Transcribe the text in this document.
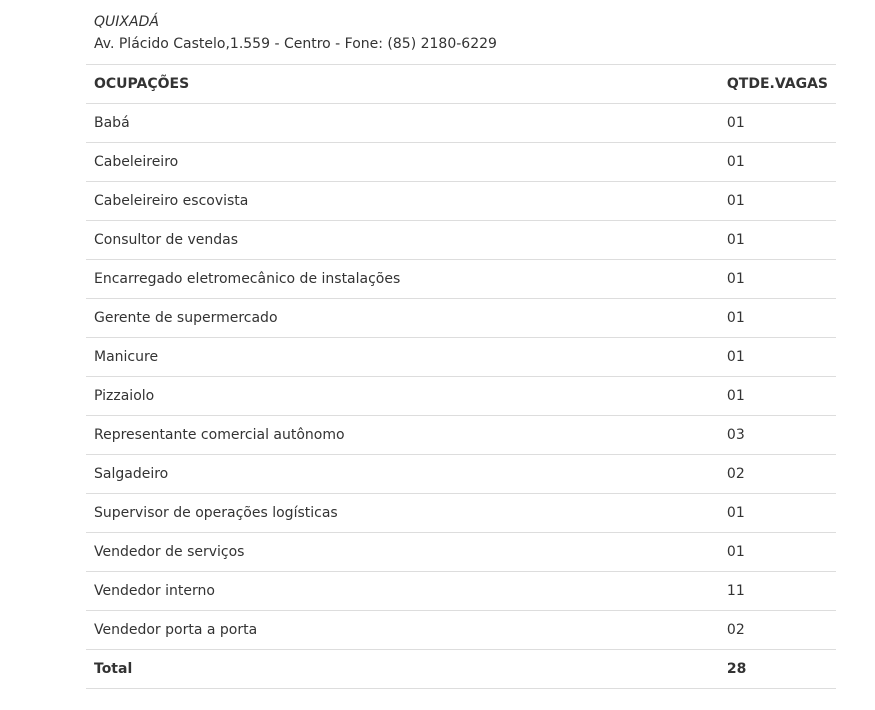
QUIXADÁ
Av. Plácido Castelo,1.559 - Centro - Fone: (85) 2180-6229
OCUPAÇÕES	QTDE.VAGAS
Babá	01
Cabeleireiro	01
Cabeleireiro escovista	01
Consultor de vendas	01
Encarregado eletromecânico de instalações	01
Gerente de supermercado	01
Manicure	01
Pizzaiolo	01
Representante comercial autônomo	03
Salgadeiro	02
Supervisor de operações logísticas	01
Vendedor de serviços	01
Vendedor interno	11
Vendedor porta a porta	02
Total	28
